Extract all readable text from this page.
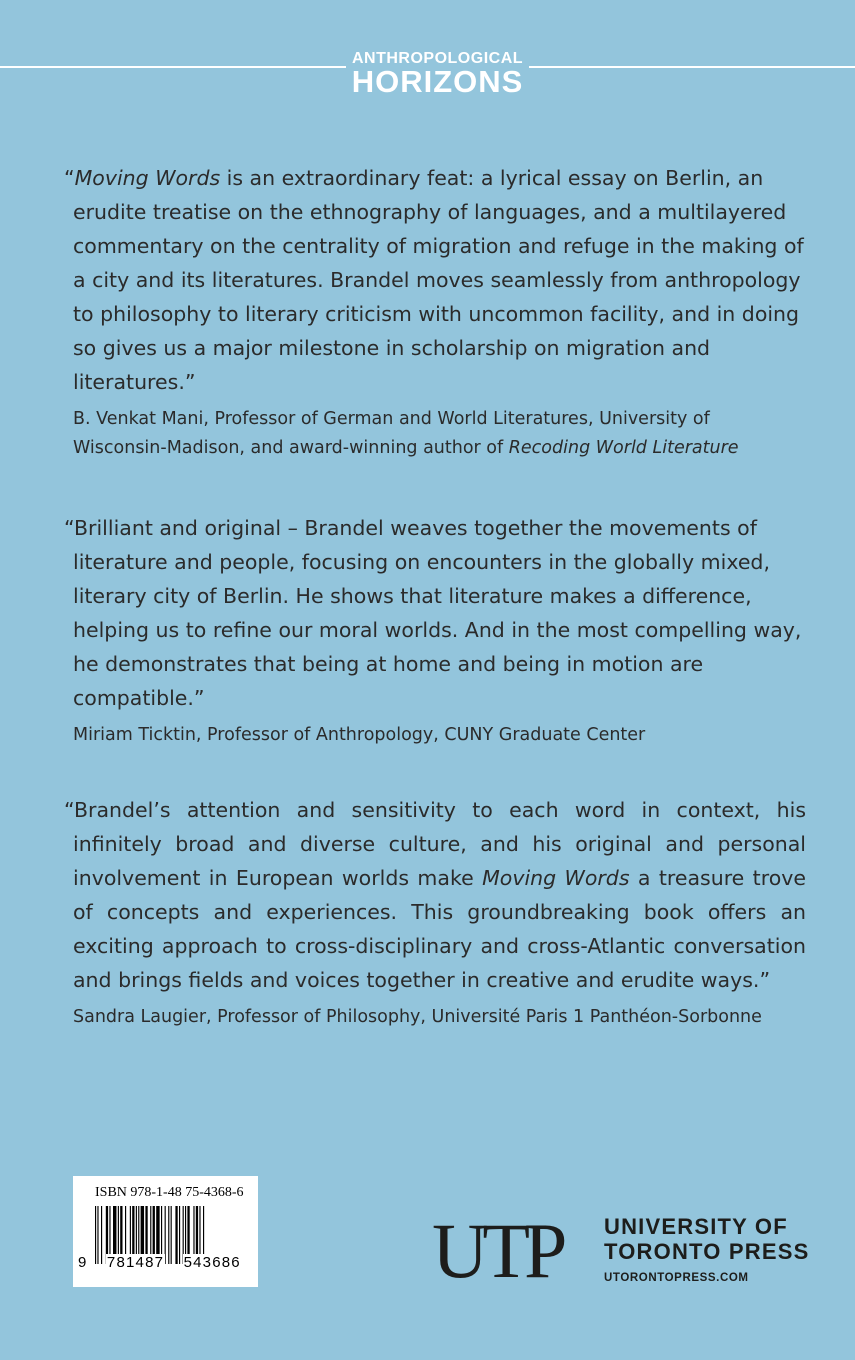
ANTHROPOLOGICAL
HORIZONS

“Moving Words is an extraordinary feat: a lyrical essay on Berlin, an erudite treatise on the ethnography of languages, and a multilayered commentary on the centrality of migration and refuge in the making of a city and its literatures. Brandel moves seamlessly from anthropology to philosophy to literary criticism with uncommon facility, and in doing so gives us a major milestone in scholarship on migration and literatures.”

B. Venkat Mani, Professor of German and World Literatures, University of Wisconsin-Madison, and award-winning author of Recoding World Literature

“Brilliant and original – Brandel weaves together the movements of literature and people, focusing on encounters in the globally mixed, literary city of Berlin. He shows that literature makes a difference, helping us to refine our moral worlds. And in the most compelling way, he demonstrates that being at home and being in motion are compatible.”

Miriam Ticktin, Professor of Anthropology, CUNY Graduate Center

“Brandel’s attention and sensitivity to each word in context, his infinitely broad and diverse culture, and his original and personal involvement in European worlds make Moving Words a treasure trove of concepts and experiences. This groundbreaking book offers an exciting approach to cross-disciplinary and cross-Atlantic conversation and brings fields and voices together in creative and erudite ways.”

Sandra Laugier, Professor of Philosophy, Université Paris 1 Panthéon-Sorbonne

ISBN 978-1-48 75-4368-6
9 781487 543686 UTP UNIVERSITY OF
TORONTO PRESS
UTORONTOPRESS.COM
